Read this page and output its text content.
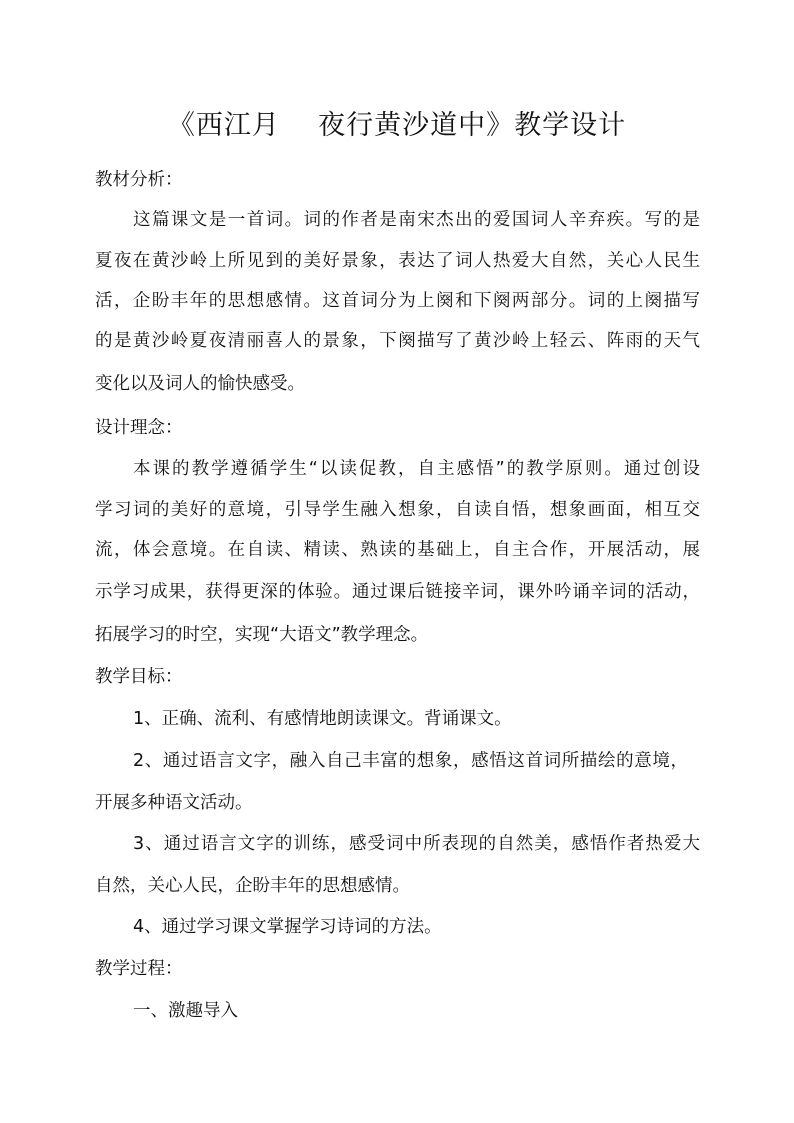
《西江月    夜行黄沙道中》教学设计

教材分析：

这篇课文是一首词。词的作者是南宋杰出的爱国词人辛弃疾。写的是

夏夜在黄沙岭上所见到的美好景象，表达了词人热爱大自然，关心人民生

活，企盼丰年的思想感情。这首词分为上阕和下阕两部分。词的上阕描写

的是黄沙岭夏夜清丽喜人的景象，下阕描写了黄沙岭上轻云、阵雨的天气

变化以及词人的愉快感受。

设计理念：

本课的教学遵循学生“以读促教，自主感悟”的教学原则。通过创设

学习词的美好的意境，引导学生融入想象，自读自悟，想象画面，相互交

流，体会意境。在自读、精读、熟读的基础上，自主合作，开展活动，展

示学习成果，获得更深的体验。通过课后链接辛词，课外吟诵辛词的活动，

拓展学习的时空，实现“大语文”教学理念。

教学目标：

1、正确、流利、有感情地朗读课文。背诵课文。

2、通过语言文字，融入自己丰富的想象，感悟这首词所描绘的意境，

开展多种语文活动。

3、通过语言文字的训练，感受词中所表现的自然美，感悟作者热爱大

自然，关心人民，企盼丰年的思想感情。

4、通过学习课文掌握学习诗词的方法。

教学过程：

一、激趣导入
